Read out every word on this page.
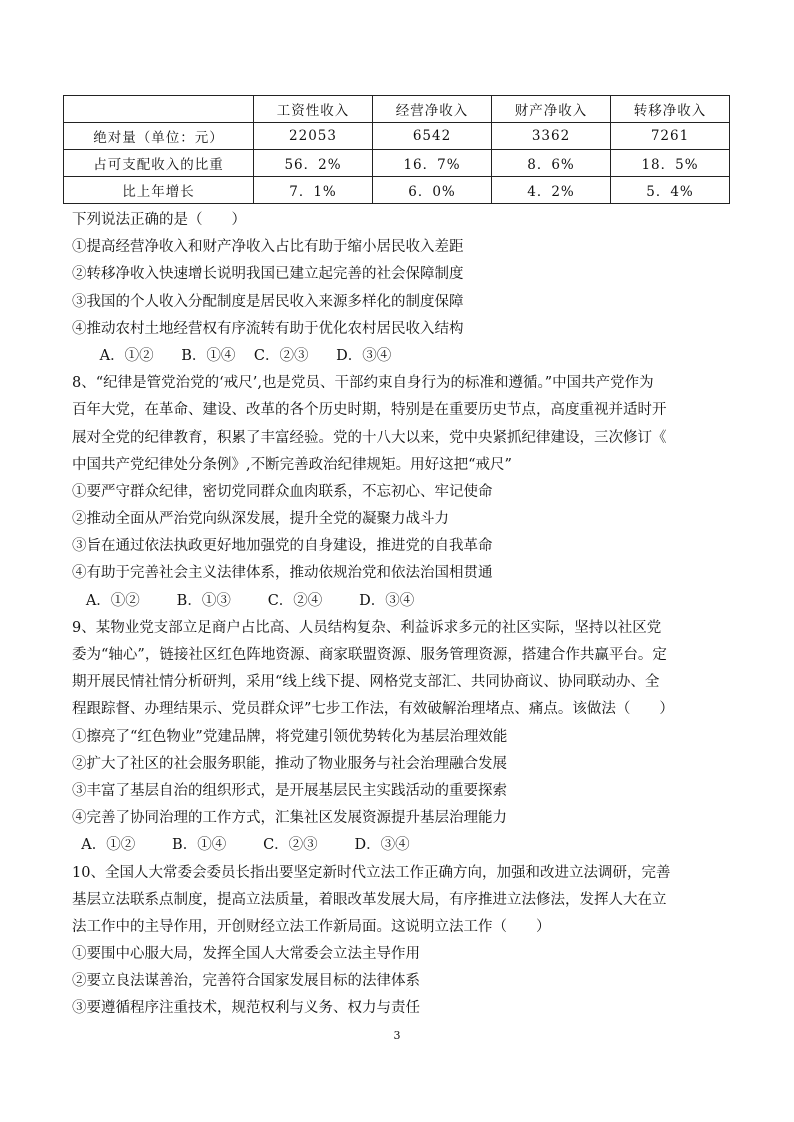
	工资性收入	经营净收入	财产净收入	转移净收入
绝对量（单位：元）	22053	6542	3362	7261
占可支配收入的比重	56．2%	16．7%	8．6%	18．5%
比上年增长	7．1%	6．0%	4．2%	5．4%
下列说法正确的是（　　）
①提高经营净收入和财产净收入占比有助于缩小居民收入差距
②转移净收入快速增长说明我国已建立起完善的社会保障制度
③我国的个人收入分配制度是居民收入来源多样化的制度保障
④推动农村土地经营权有序流转有助于优化农村居民收入结构
A．①②      B．①④    C．②③      D．③④
8、“纪律是管党治党的‘戒尺’,也是党员、干部约束自身行为的标准和遵循。”中国共产党作为
百年大党，在革命、建设、改革的各个历史时期，特别是在重要历史节点，高度重视并适时开
展对全党的纪律教育，积累了丰富经验。党的十八大以来，党中央紧抓纪律建设，三次修订《
中国共产党纪律处分条例》,不断完善政治纪律规矩。用好这把“戒尺”
①要严守群众纪律，密切党同群众血肉联系，不忘初心、牢记使命
②推动全面从严治党向纵深发展，提升全党的凝聚力战斗力
③旨在通过依法执政更好地加强党的自身建设，推进党的自我革命
④有助于完善社会主义法律体系，推动依规治党和依法治国相贯通
A．①②        B．①③        C．②④        D．③④
9、某物业党支部立足商户占比高、人员结构复杂、利益诉求多元的社区实际，坚持以社区党
委为“轴心”，链接社区红色阵地资源、商家联盟资源、服务管理资源，搭建合作共赢平台。定
期开展民情社情分析研判，采用“线上线下提、网格党支部汇、共同协商议、协同联动办、全
程跟踪督、办理结果示、党员群众评”七步工作法，有效破解治理堵点、痛点。该做法（　　）
①擦亮了“红色物业”党建品牌，将党建引领优势转化为基层治理效能
②扩大了社区的社会服务职能，推动了物业服务与社会治理融合发展
③丰富了基层自治的组织形式，是开展基层民主实践活动的重要探索
④完善了协同治理的工作方式，汇集社区发展资源提升基层治理能力
A．①②        B．①④        C．②③        D．③④
10、全国人大常委会委员长指出要坚定新时代立法工作正确方向，加强和改进立法调研，完善
基层立法联系点制度，提高立法质量，着眼改革发展大局，有序推进立法修法，发挥人大在立
法工作中的主导作用，开创财经立法工作新局面。这说明立法工作（　　）
①要围中心服大局，发挥全国人大常委会立法主导作用
②要立良法谋善治，完善符合国家发展目标的法律体系
③要遵循程序注重技术，规范权利与义务、权力与责任
3
